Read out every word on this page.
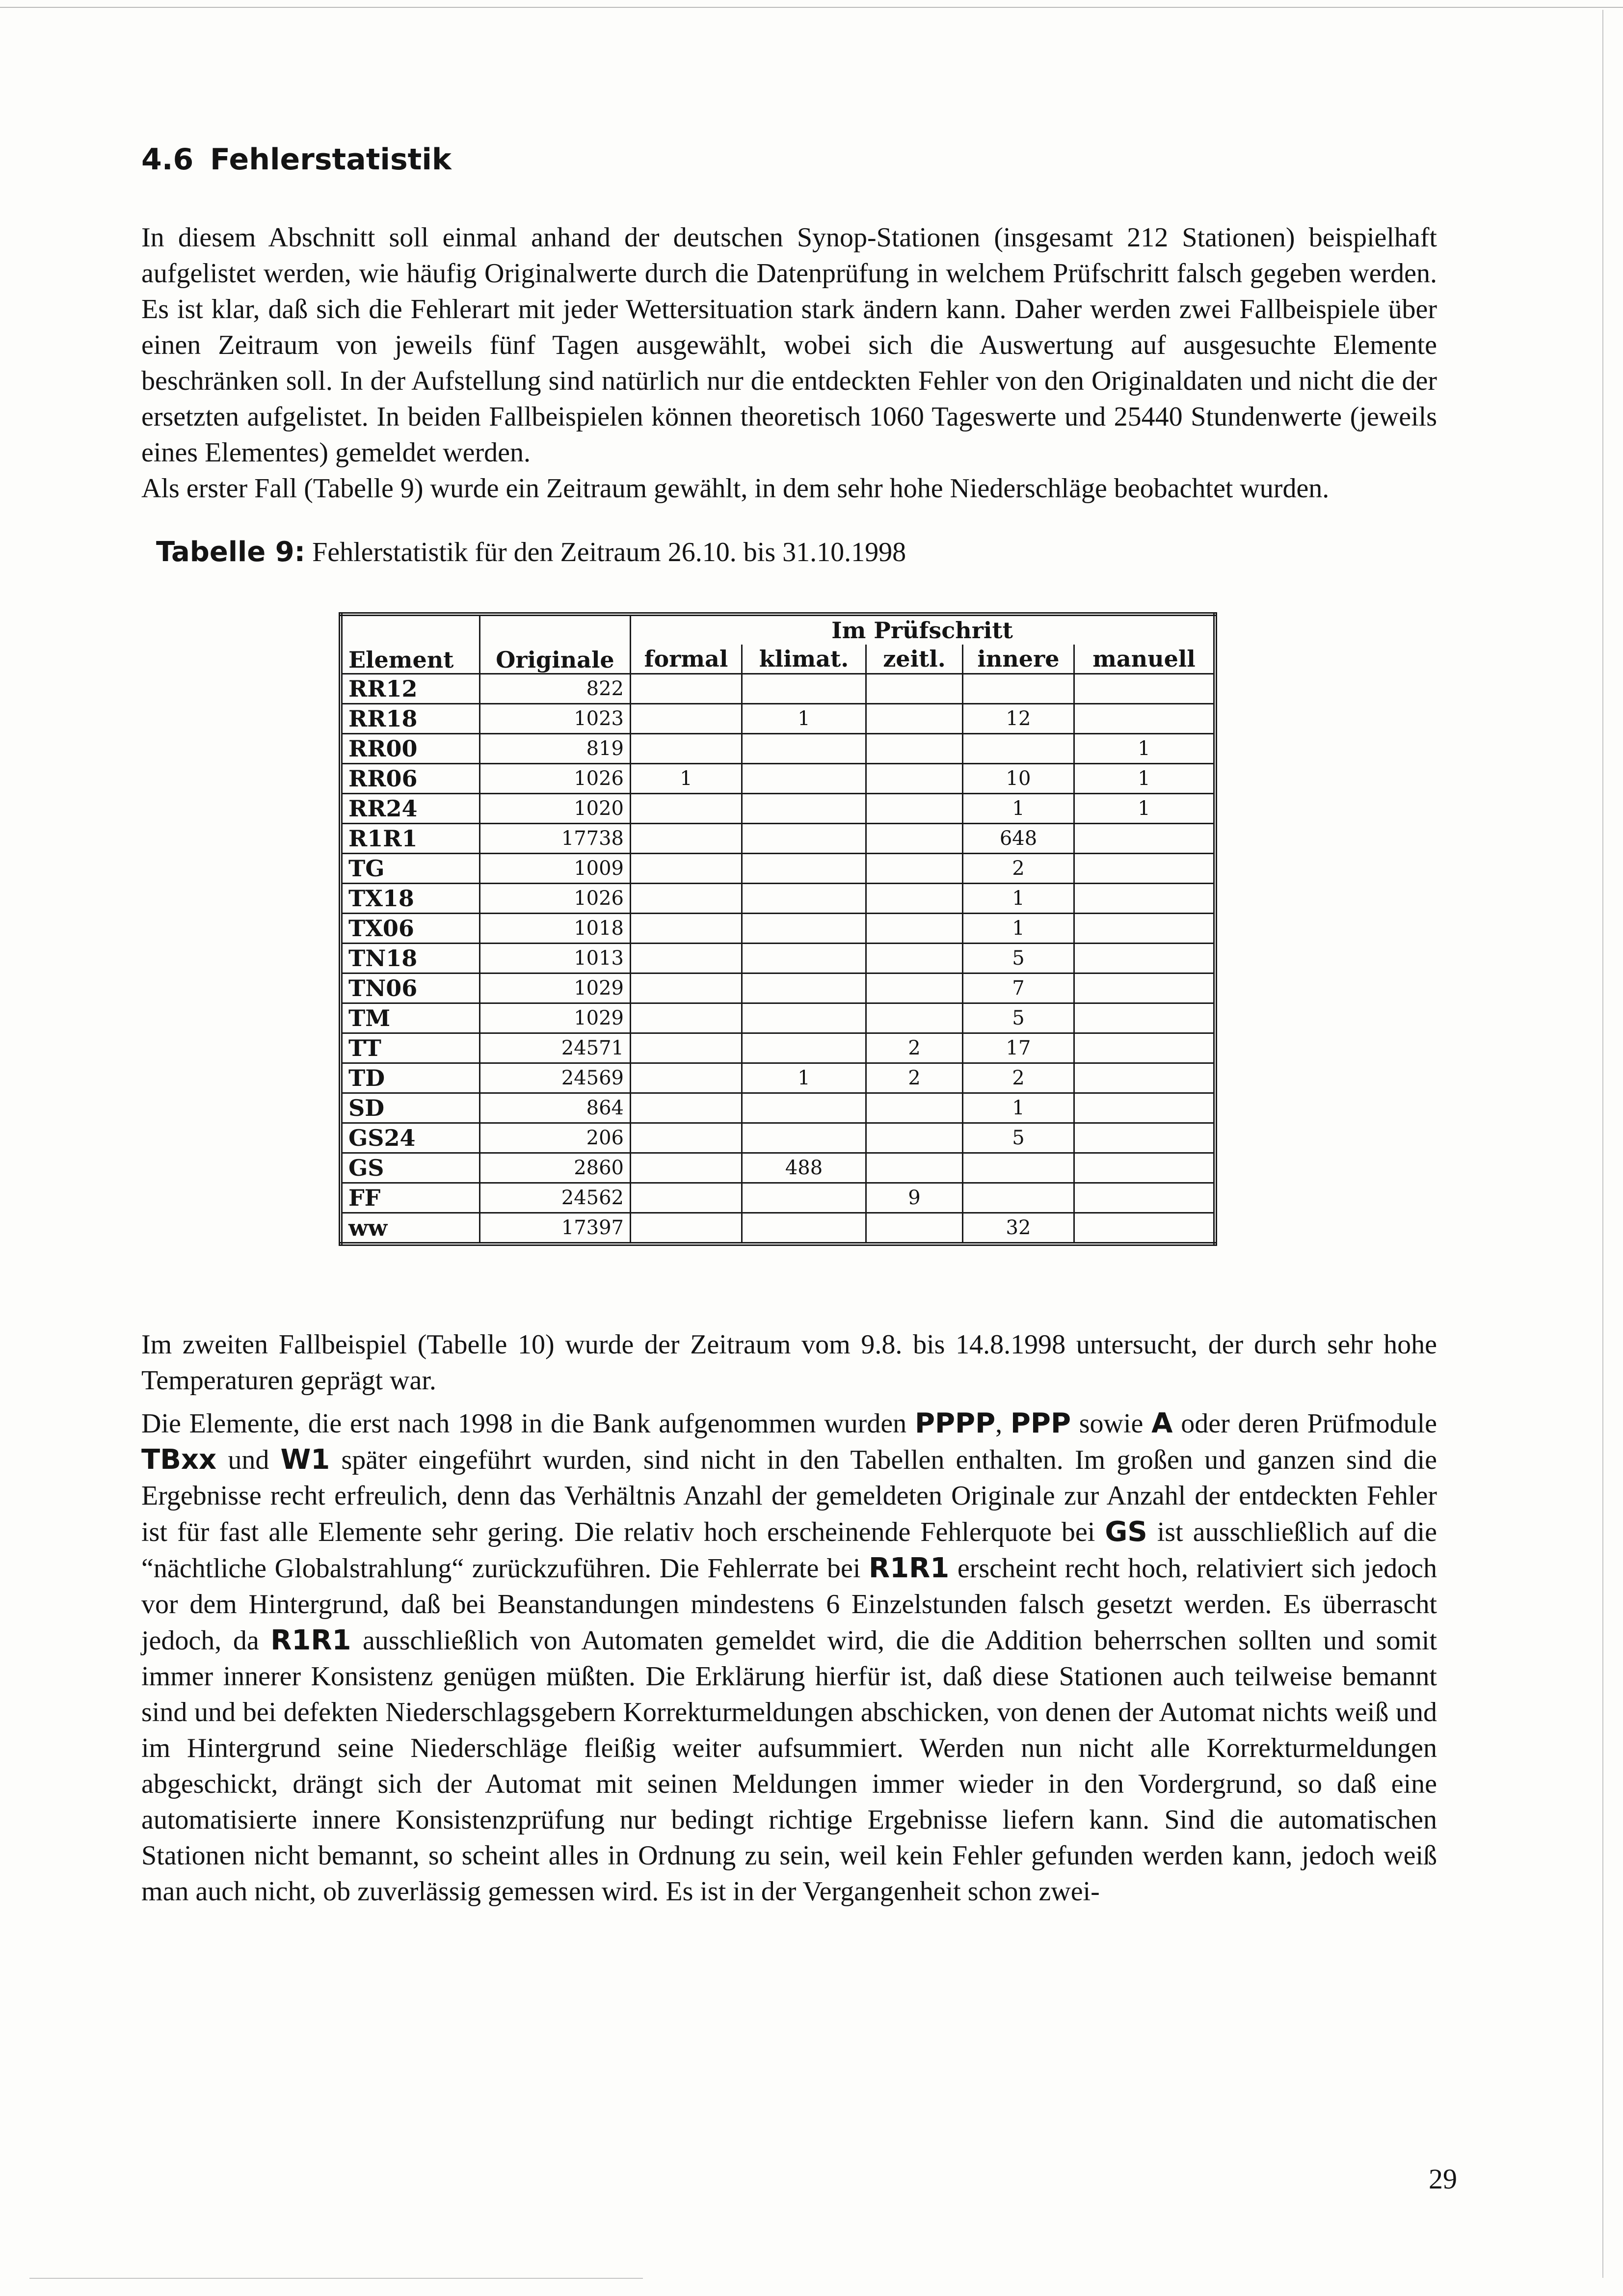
4.6 Fehlerstatistik

In diesem Abschnitt soll einmal anhand der deutschen Synop-Stationen (insgesamt 212 Stationen) beispielhaft aufgelistet werden, wie häufig Originalwerte durch die Datenprüfung in welchem Prüfschritt falsch gegeben werden. Es ist klar, daß sich die Fehlerart mit jeder Wettersituation stark ändern kann. Daher werden zwei Fallbeispiele über einen Zeitraum von jeweils fünf Tagen ausgewählt, wobei sich die Auswertung auf ausgesuchte Elemente beschränken soll. In der Aufstellung sind natürlich nur die entdeckten Fehler von den Originaldaten und nicht die der ersetzten aufgelistet. In beiden Fallbeispielen können theoretisch 1060 Tageswerte und 25440 Stundenwerte (jeweils eines Elementes) gemeldet werden.

Als erster Fall (Tabelle 9) wurde ein Zeitraum gewählt, in dem sehr hohe Niederschläge beobachtet wurden.

Tabelle 9: Fehlerstatistik für den Zeitraum 26.10. bis 31.10.1998
Element	Originale	Im Prüfschritt				
		formal	klimat.	zeitl.	innere	manuell
RR12	822					
RR18	1023		1		12	
RR00	819					1
RR06	1026	1			10	1
RR24	1020				1	1
R1R1	17738				648	
TG	1009				2	
TX18	1026				1	
TX06	1018				1	
TN18	1013				5	
TN06	1029				7	
TM	1029				5	
TT	24571			2	17	
TD	24569		1	2	2	
SD	864				1	
GS24	206				5	
GS	2860		488			
FF	24562			9		
ww	17397				32	

Im zweiten Fallbeispiel (Tabelle 10) wurde der Zeitraum vom 9.8. bis 14.8.1998 untersucht, der durch sehr hohe Temperaturen geprägt war.

Die Elemente, die erst nach 1998 in die Bank aufgenommen wurden PPPP, PPP sowie A oder deren Prüfmodule TBxx und W1 später eingeführt wurden, sind nicht in den Tabellen enthalten. Im großen und ganzen sind die Ergebnisse recht erfreulich, denn das Verhältnis Anzahl der gemeldeten Originale zur Anzahl der entdeckten Fehler ist für fast alle Elemente sehr gering. Die relativ hoch erscheinende Fehlerquote bei GS ist ausschließlich auf die “nächtliche Globalstrahlung“ zurückzuführen. Die Fehlerrate bei R1R1 erscheint recht hoch, relativiert sich jedoch vor dem Hintergrund, daß bei Beanstandungen mindestens 6 Einzelstunden falsch gesetzt werden. Es überrascht jedoch, da R1R1 ausschließlich von Automaten gemeldet wird, die die Addition beherrschen sollten und somit immer innerer Konsistenz genügen müßten. Die Erklärung hierfür ist, daß diese Stationen auch teilweise bemannt sind und bei defekten Niederschlagsgebern Korrekturmeldungen abschicken, von denen der Automat nichts weiß und im Hintergrund seine Niederschläge fleißig weiter aufsummiert. Werden nun nicht alle Korrekturmeldungen abgeschickt, drängt sich der Automat mit seinen Meldungen immer wieder in den Vordergrund, so daß eine automatisierte innere Konsistenzprüfung nur bedingt richtige Ergebnisse liefern kann. Sind die automatischen Stationen nicht bemannt, so scheint alles in Ordnung zu sein, weil kein Fehler gefunden werden kann, jedoch weiß man auch nicht, ob zuverlässig gemessen wird. Es ist in der Vergangenheit schon zwei-

29
